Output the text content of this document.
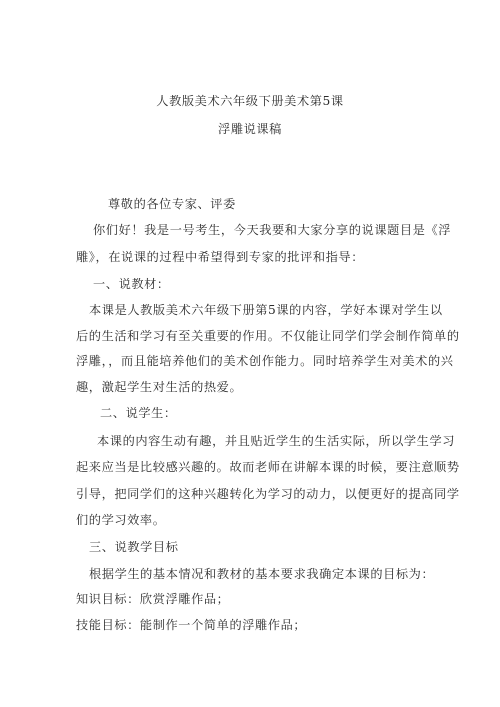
人教版美术六年级下册美术第5课
浮雕说课稿
尊敬的各位专家、评委
你们好！我是一号考生，今天我要和大家分享的说课题目是《浮
雕》，在说课的过程中希望得到专家的批评和指导：
一、说教材：
本课是人教版美术六年级下册第5课的内容，学好本课对学生以
后的生活和学习有至关重要的作用。不仅能让同学们学会制作简单的
浮雕，，而且能培养他们的美术创作能力。同时培养学生对美术的兴
趣，激起学生对生活的热爱。
二、说学生：
本课的内容生动有趣，并且贴近学生的生活实际，所以学生学习
起来应当是比较感兴趣的。故而老师在讲解本课的时候，要注意顺势
引导，把同学们的这种兴趣转化为学习的动力，以便更好的提高同学
们的学习效率。
三、说教学目标
根据学生的基本情况和教材的基本要求我确定本课的目标为：
知识目标：欣赏浮雕作品；
技能目标：能制作一个简单的浮雕作品；
